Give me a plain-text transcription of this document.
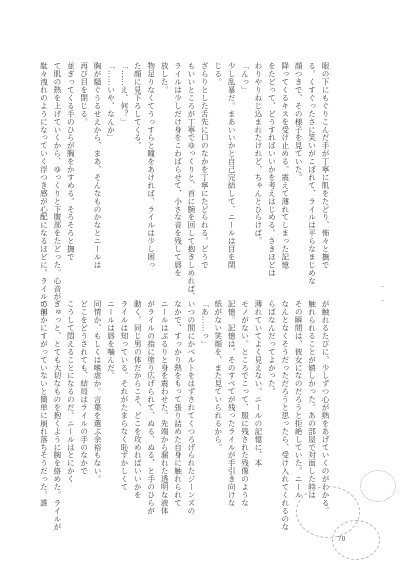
眼の下にもぐりこんだ手が丁寧に肌をたどり、怖々と撫で
る。くすぐったさに笑いがこぼれて、ライルは平らなまじめな
顔つきで、その様子を見ていた。
降ってくるキスを受け止める。震えて薄れてしまった記憶
をたどって、どうすればいいかを考えはじめる。さきほどは
わりやりねじ込まれたけれど、ちゃんとひらけば。
「んっ」
少し乱暴だ。まあいいかと自己完結して、ニールは目を閉
じる。
ざらりとした舌先に口のなかを丁寧にたどられる。どうで
もいいところが丁寧でゆっくりと、首に腕を回して抱きしめれば、
ライルは少しだけ身をこわばらせて、小さな音を残して唇を
放した。
物足りなくてうっすらと瞳をあければ、ライルは少し困っ
た顔に見下ろしてくる。
「……え、何？」
「……いや、なんか」
胸が騒ぐうるせえから、まあ、そんなものかなとニールは
再び目を閉じる。
並ぎってくる手のひらが胸をかすめる。そろそろと撫で
て肌の熱を上げていくから、ゆっくりと下腹部をたどった。心音が
駄々洩れのようになっていく浮つき感が心配になるほどに。ライルの手
が触れるたびに、少しずつ心が熱をあげていくのがわかる。
触れられることが嬉しかった。あの部屋で対面した時は
その瞬間は、彼女になのだろうと拒絶していた。ニール
なんとなくそうだっただろうと思ったら、受け入れてくれるのな
らばなんだってよかった。
薄れていてよく見えない。ニールの記憶に、本
モノがない。ところでこって、服に残された残像のような
記憶。記憶は、そのすべてが残ったライルが手引き向けな
紙がない笑顔を、また見ていられるから。
「あ……っ」
いつの間にかベルトをはずされてくつろげられたジーンズの
なかで、すっかり熱をもって張り詰めた自身に触れられて
ニールはぶるりと身を震わせた。先端から漏れた透明な液体
がライルの指に塗り広げられて、ぬる、ぬる、と手のひらが
動く。同じ男の体だからこそ、どこを攻めればいいかを
ライルは知っている。それがたまらなく恥ずかしくて
ニールは唇を噛んだ。
同情か、もしくは嗜虐か。言葉を選ぶ余裕もない。
どこをどうされても、結局はライルの手のなかで
こうして悶えることになるのだ。ニールはとにかく
ぎゅっと、とても大切なものを抱くように腕を絡めた。ライルが
て何かにすがっていないと簡単に崩れ落ちそうだった。誰
70
